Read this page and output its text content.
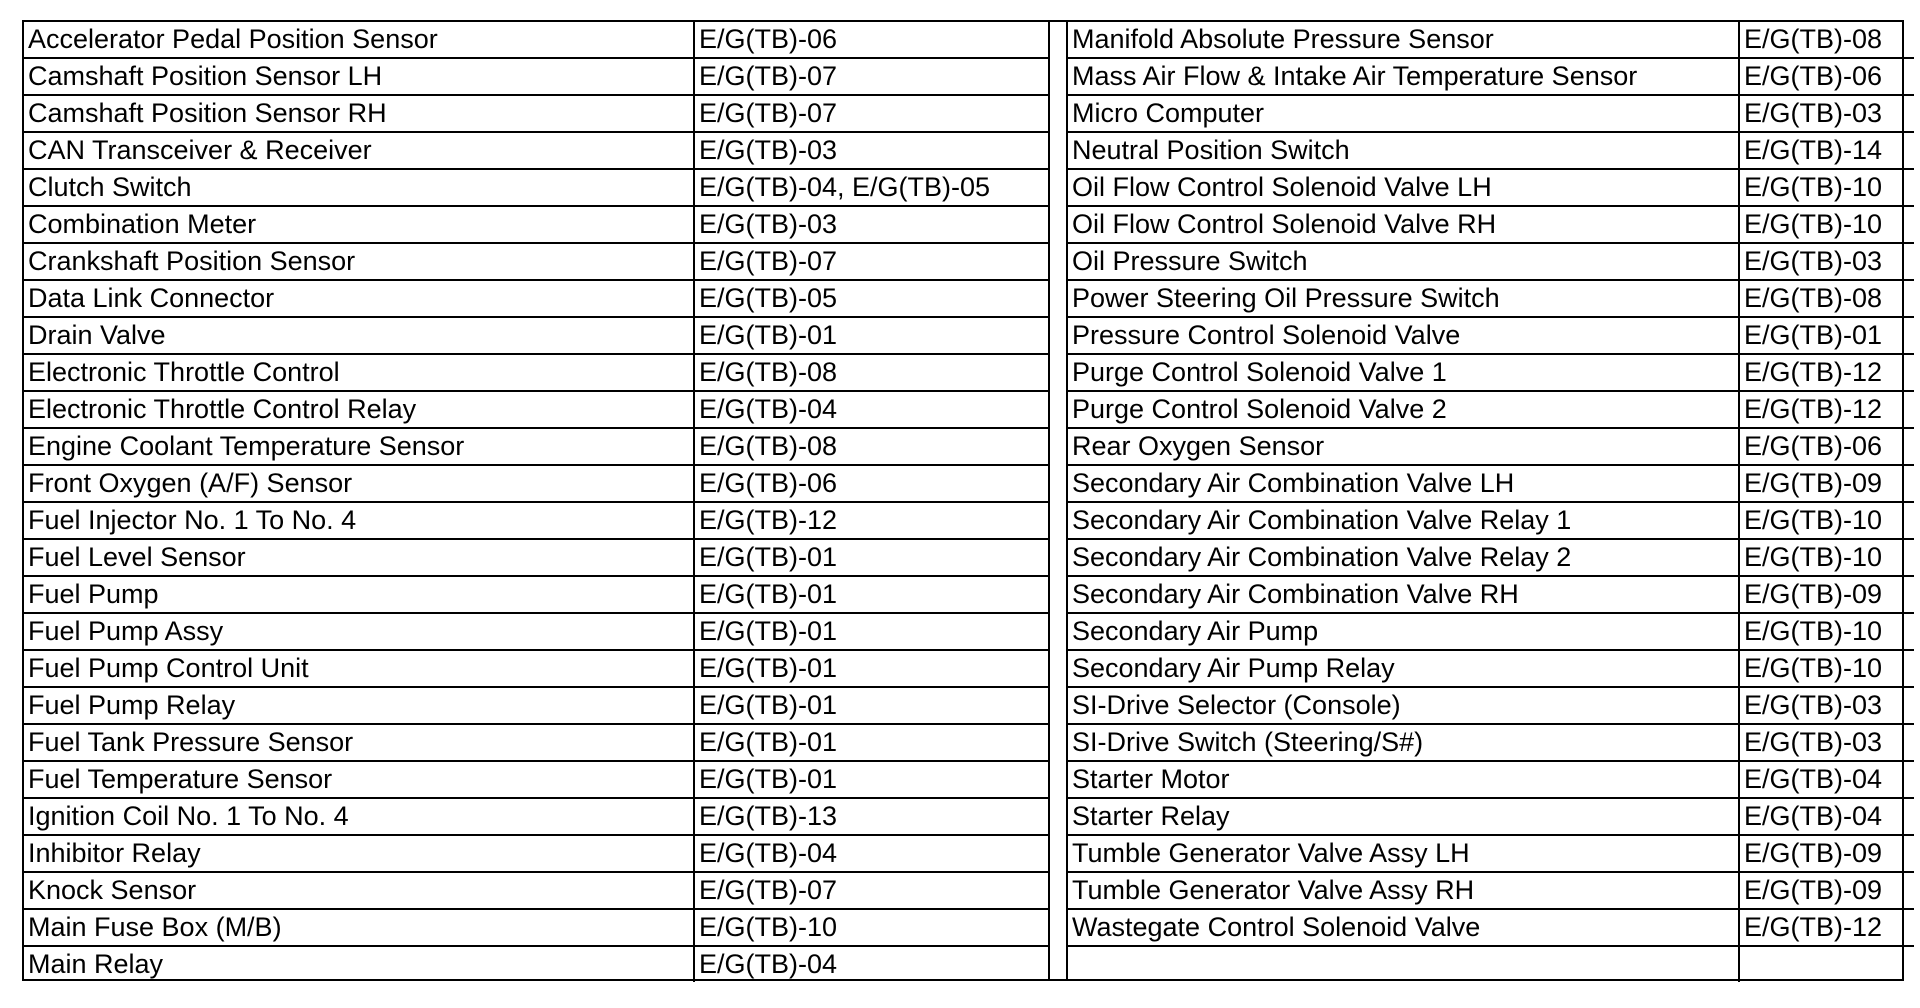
Accelerator Pedal Position Sensor	E/G(TB)-06
Camshaft Position Sensor LH	E/G(TB)-07
Camshaft Position Sensor RH	E/G(TB)-07
CAN Transceiver & Receiver	E/G(TB)-03
Clutch Switch	E/G(TB)-04, E/G(TB)-05
Combination Meter	E/G(TB)-03
Crankshaft Position Sensor	E/G(TB)-07
Data Link Connector	E/G(TB)-05
Drain Valve	E/G(TB)-01
Electronic Throttle Control	E/G(TB)-08
Electronic Throttle Control Relay	E/G(TB)-04
Engine Coolant Temperature Sensor	E/G(TB)-08
Front Oxygen (A/F) Sensor	E/G(TB)-06
Fuel Injector No. 1 To No. 4	E/G(TB)-12
Fuel Level Sensor	E/G(TB)-01
Fuel Pump	E/G(TB)-01
Fuel Pump Assy	E/G(TB)-01
Fuel Pump Control Unit	E/G(TB)-01
Fuel Pump Relay	E/G(TB)-01
Fuel Tank Pressure Sensor	E/G(TB)-01
Fuel Temperature Sensor	E/G(TB)-01
Ignition Coil No. 1 To No. 4	E/G(TB)-13
Inhibitor Relay	E/G(TB)-04
Knock Sensor	E/G(TB)-07
Main Fuse Box (M/B)	E/G(TB)-10
Main Relay	E/G(TB)-04
Manifold Absolute Pressure Sensor	E/G(TB)-08
Mass Air Flow & Intake Air Temperature Sensor	E/G(TB)-06
Micro Computer	E/G(TB)-03
Neutral Position Switch	E/G(TB)-14
Oil Flow Control Solenoid Valve LH	E/G(TB)-10
Oil Flow Control Solenoid Valve RH	E/G(TB)-10
Oil Pressure Switch	E/G(TB)-03
Power Steering Oil Pressure Switch	E/G(TB)-08
Pressure Control Solenoid Valve	E/G(TB)-01
Purge Control Solenoid Valve 1	E/G(TB)-12
Purge Control Solenoid Valve 2	E/G(TB)-12
Rear Oxygen Sensor	E/G(TB)-06
Secondary Air Combination Valve LH	E/G(TB)-09
Secondary Air Combination Valve Relay 1	E/G(TB)-10
Secondary Air Combination Valve Relay 2	E/G(TB)-10
Secondary Air Combination Valve RH	E/G(TB)-09
Secondary Air Pump	E/G(TB)-10
Secondary Air Pump Relay	E/G(TB)-10
SI-Drive Selector (Console)	E/G(TB)-03
SI-Drive Switch (Steering/S#)	E/G(TB)-03
Starter Motor	E/G(TB)-04
Starter Relay	E/G(TB)-04
Tumble Generator Valve Assy LH	E/G(TB)-09
Tumble Generator Valve Assy RH	E/G(TB)-09
Wastegate Control Solenoid Valve	E/G(TB)-12
